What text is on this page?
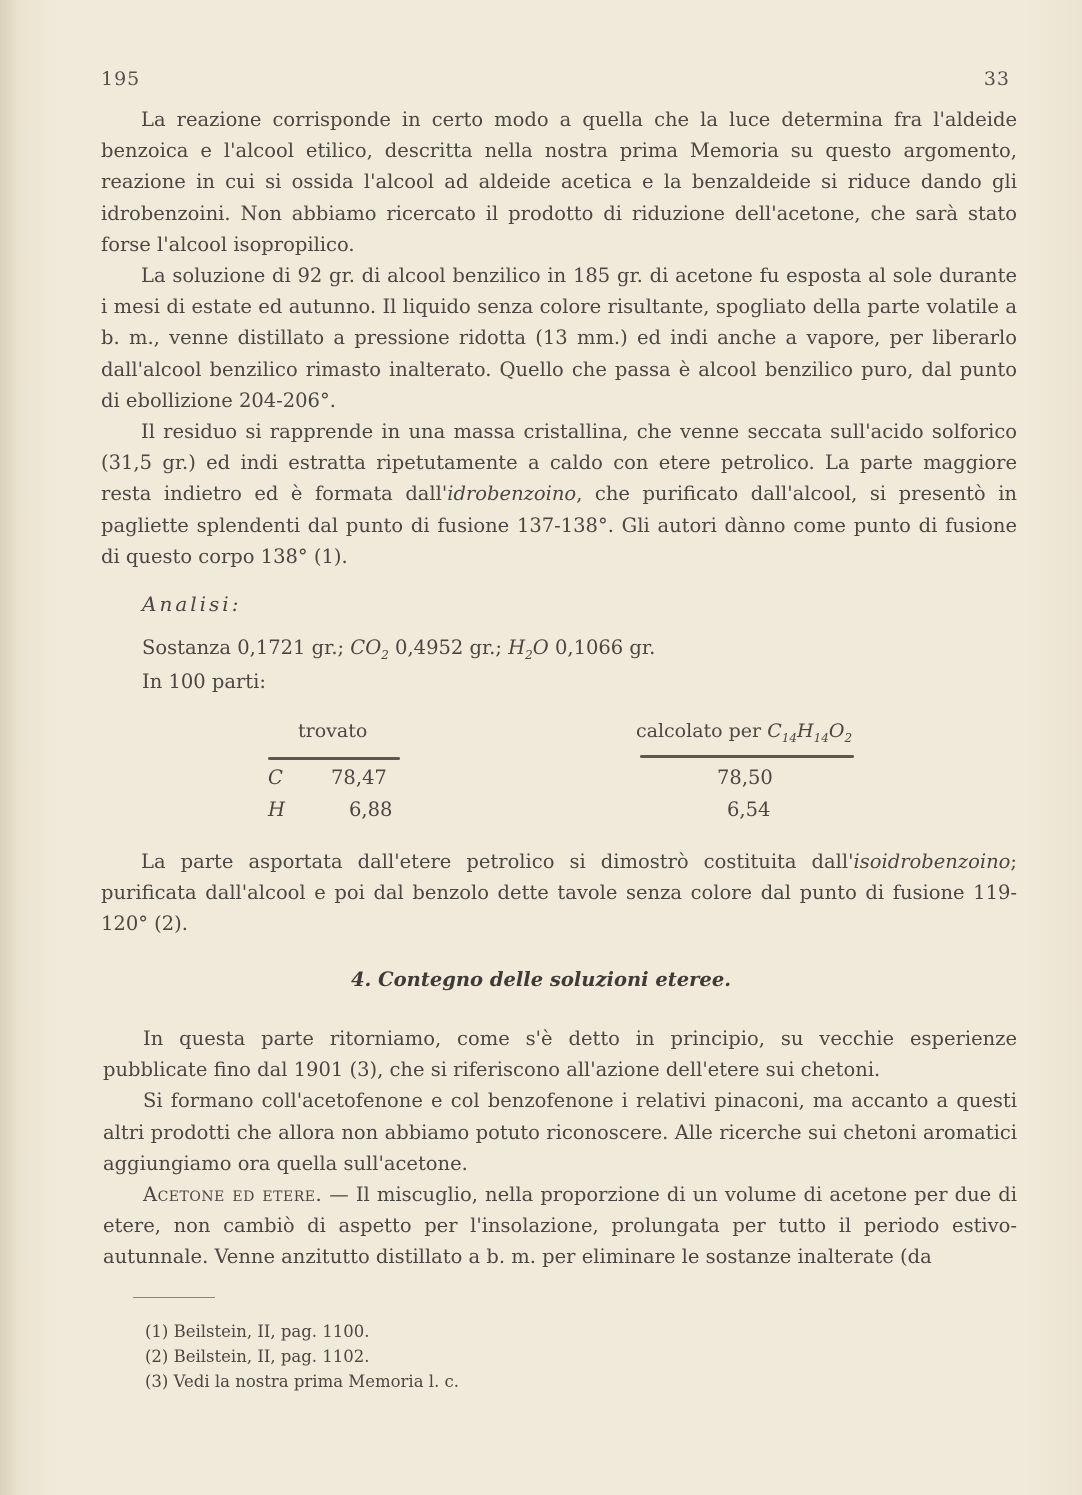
195	33

La reazione corrisponde in certo modo a quella che la luce determina fra l'aldeide benzoica e l'alcool etilico, descritta nella nostra prima Memoria su questo argomento, reazione in cui si ossida l'alcool ad aldeide acetica e la benzaldeide si riduce dando gli idrobenzoini. Non abbiamo ricercato il prodotto di riduzione dell'acetone, che sarà stato forse l'alcool isopropilico.

La soluzione di 92 gr. di alcool benzilico in 185 gr. di acetone fu esposta al sole durante i mesi di estate ed autunno. Il liquido senza colore risultante, spogliato della parte volatile a b. m., venne distillato a pressione ridotta (13 mm.) ed indi anche a vapore, per liberarlo dall'alcool benzilico rimasto inalterato. Quello che passa è alcool benzilico puro, dal punto di ebollizione 204-206°.

Il residuo si rapprende in una massa cristallina, che venne seccata sull'acido solforico (31,5 gr.) ed indi estratta ripetutamente a caldo con etere petrolico. La parte maggiore resta indietro ed è formata dall'idrobenzoino, che purificato dall'alcool, si presentò in pagliette splendenti dal punto di fusione 137-138°. Gli autori dànno come punto di fusione di questo corpo 138° (1).

Analisi:
Sostanza 0,1721 gr.; $CO_2$ 0,4952 gr.; $H_2O$ 0,1066 gr.
In 100 parti:
trovato	calcolato per $C_{14}H_{14}O_2$
C 78,47	78,50
H	6,88	6,54

La parte asportata dall'etere petrolico si dimostrò costituita dall'isoidrobenzoino; purificata dall'alcool e poi dal benzolo dette tavole senza colore dal punto di fusione 119-120° (2).

4. Contegno delle soluzioni eteree.

In questa parte ritorniamo, come s'è detto in principio, su vecchie esperienze pubblicate fino dal 1901 (3), che si riferiscono all'azione dell'etere sui chetoni.

Si formano coll'acetofenone e col benzofenone i relativi pinaconi, ma accanto a questi altri prodotti che allora non abbiamo potuto riconoscere. Alle ricerche sui chetoni aromatici aggiungiamo ora quella sull'acetone.

Acetone ed etere. — Il miscuglio, nella proporzione di un volume di acetone per due di etere, non cambiò di aspetto per l'insolazione, prolungata per tutto il periodo estivo-autunnale. Venne anzitutto distillato a b. m. per eliminare le sostanze inalterate (da

(1) Beilstein, II, pag. 1100.
(2) Beilstein, II, pag. 1102.
(3) Vedi la nostra prima Memoria l. c.
